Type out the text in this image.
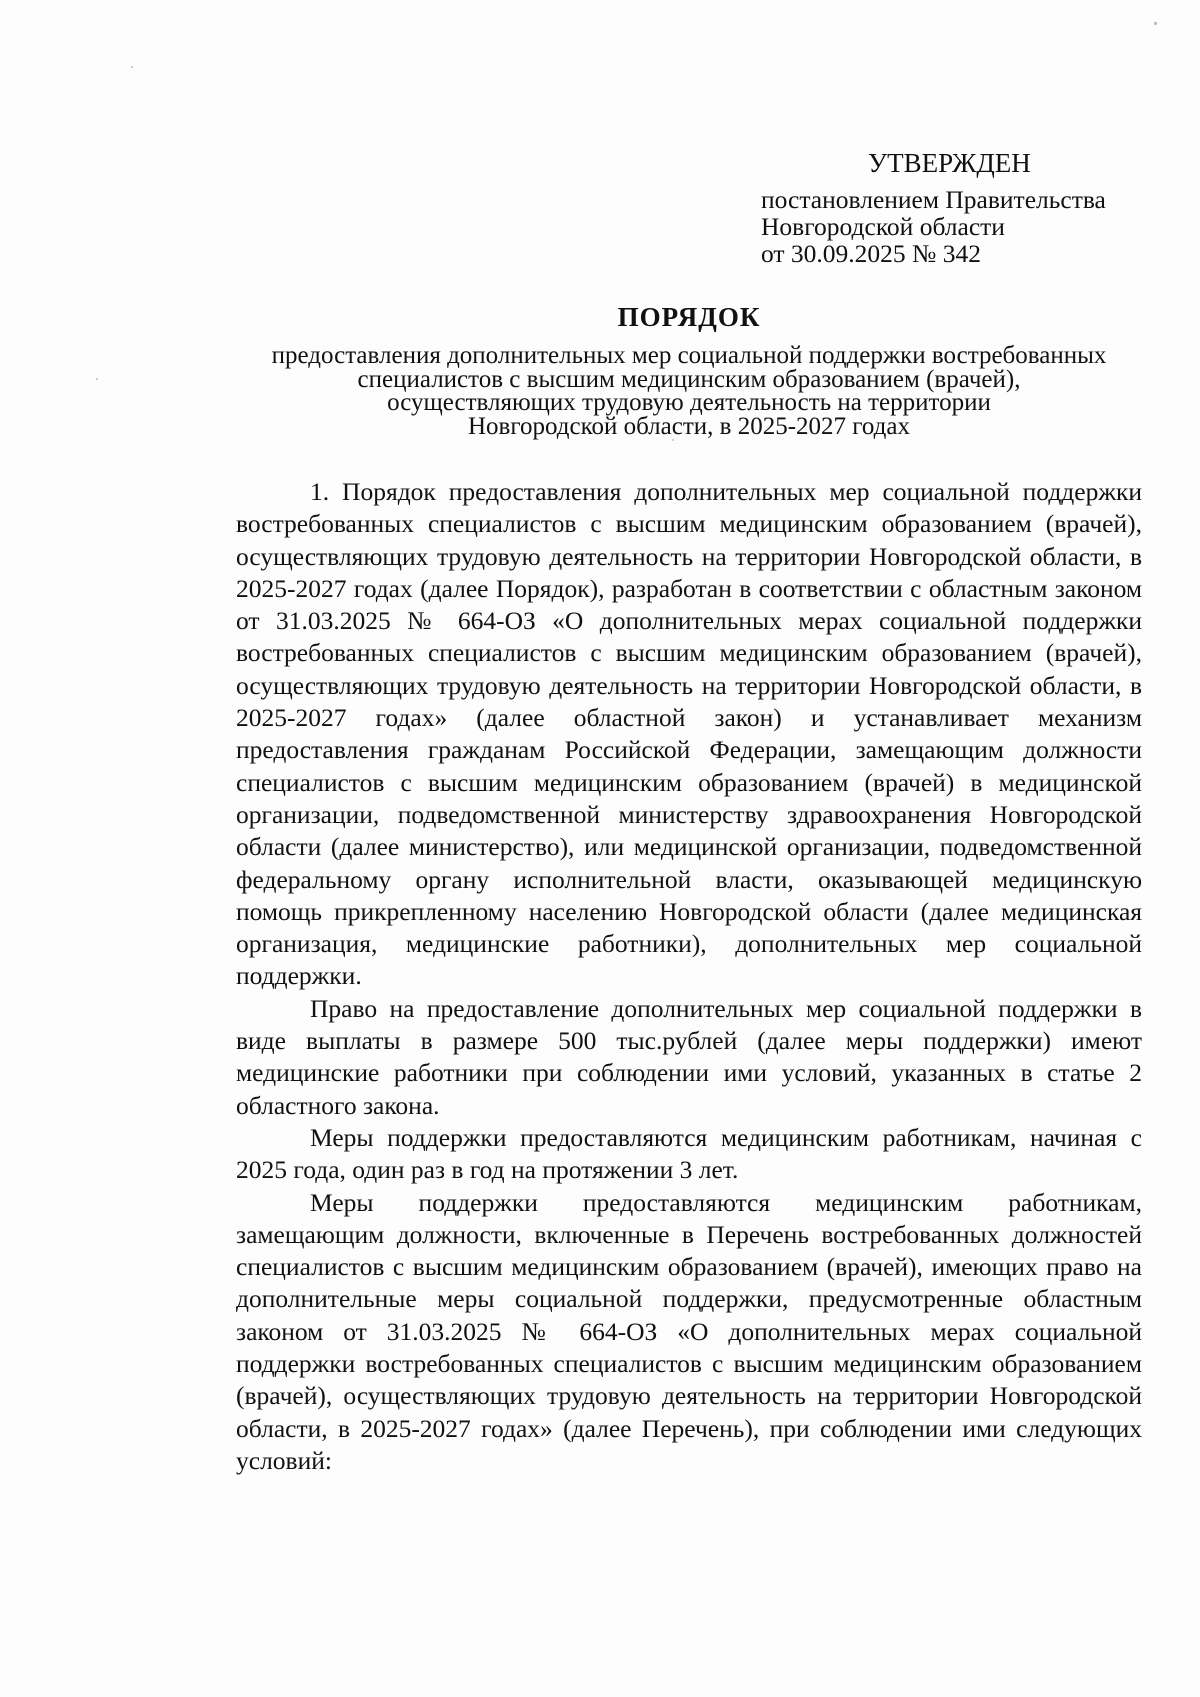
УТВЕРЖДЕН
постановлением Правительства
Новгородской области
от 30.09.2025 № 342
ПОРЯДОК
предоставления дополнительных мер социальной поддержки востребованных
специалистов с высшим медицинским образованием (врачей),
осуществляющих трудовую деятельность на территории
Новгородской области, в 2025-2027 годах

1. Порядок предоставления дополнительных мер социальной поддержки востребованных специалистов с высшим медицинским образованием (врачей), осуществляющих трудовую деятельность на территории Новгородской области, в 2025-2027 годах (далее Порядок), разработан в соответствии с областным законом от 31.03.2025 № 664-ОЗ «О дополнительных мерах социальной поддержки востребованных специалистов с высшим медицинским образованием (врачей), осуществляющих трудовую деятельность на территории Новгородской области, в 2025-2027 годах» (далее областной закон) и устанавливает механизм предоставления гражданам Российской Федерации, замещающим должности специалистов с высшим медицинским образованием (врачей) в медицинской организации, подведомственной министерству здравоохранения Новгородской области (далее министерство), или медицинской организации, подведомственной федеральному органу исполнительной власти, оказывающей медицинскую помощь прикрепленному населению Новгородской области (далее медицинская организация, медицинские работники), дополнительных мер социальной поддержки.

Право на предоставление дополнительных мер социальной поддержки в виде выплаты в размере 500 тыс.рублей (далее меры поддержки) имеют медицинские работники при соблюдении ими условий, указанных в статье 2 областного закона.

Меры поддержки предоставляются медицинским работникам, начиная с 2025 года, один раз в год на протяжении 3 лет.

Меры поддержки предоставляются медицинским работникам, замещающим должности, включенные в Перечень востребованных должностей специалистов с высшим медицинским образованием (врачей), имеющих право на дополнительные меры социальной поддержки, предусмотренные областным законом от 31.03.2025 № 664-ОЗ «О дополнительных мерах социальной поддержки востребованных специалистов с высшим медицинским образованием (врачей), осуществляющих трудовую деятельность на территории Новгородской области, в 2025-2027 годах» (далее Перечень), при соблюдении ими следующих условий:
